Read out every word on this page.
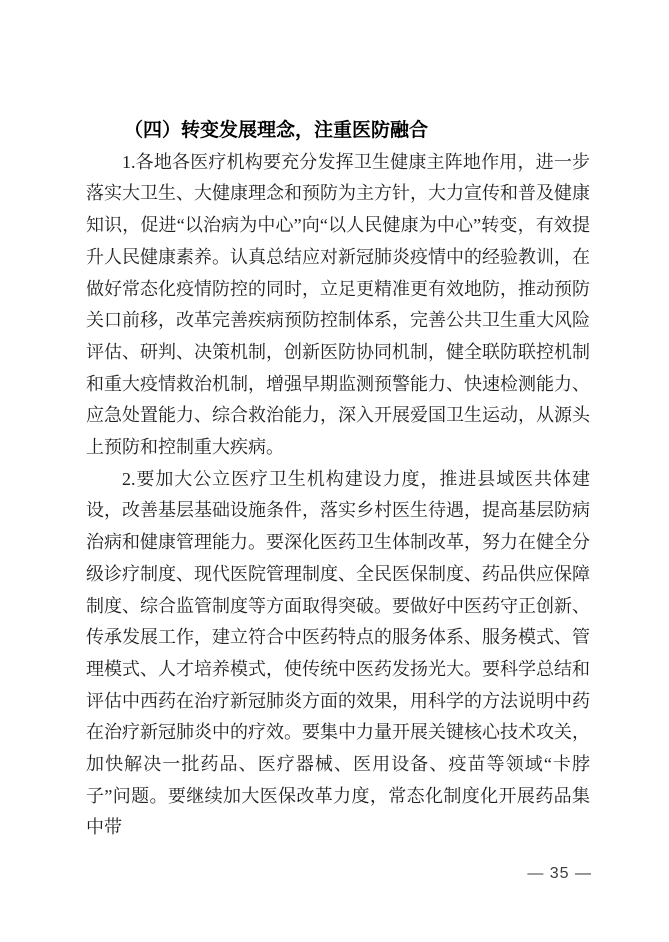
（四）转变发展理念，注重医防融合

1.各地各医疗机构要充分发挥卫生健康主阵地作用，进一步落实大卫生、大健康理念和预防为主方针，大力宣传和普及健康知识，促进“以治病为中心”向“以人民健康为中心”转变，有效提升人民健康素养。认真总结应对新冠肺炎疫情中的经验教训，在做好常态化疫情防控的同时，立足更精准更有效地防，推动预防关口前移，改革完善疾病预防控制体系，完善公共卫生重大风险评估、研判、决策机制，创新医防协同机制，健全联防联控机制和重大疫情救治机制，增强早期监测预警能力、快速检测能力、应急处置能力、综合救治能力，深入开展爱国卫生运动，从源头上预防和控制重大疾病。

2.要加大公立医疗卫生机构建设力度，推进县域医共体建设，改善基层基础设施条件，落实乡村医生待遇，提高基层防病治病和健康管理能力。要深化医药卫生体制改革，努力在健全分级诊疗制度、现代医院管理制度、全民医保制度、药品供应保障制度、综合监管制度等方面取得突破。要做好中医药守正创新、传承发展工作，建立符合中医药特点的服务体系、服务模式、管理模式、人才培养模式，使传统中医药发扬光大。要科学总结和评估中西药在治疗新冠肺炎方面的效果，用科学的方法说明中药在治疗新冠肺炎中的疗效。要集中力量开展关键核心技术攻关，加快解决一批药品、医疗器械、医用设备、疫苗等领域“卡脖子”问题。要继续加大医保改革力度，常态化制度化开展药品集中带

— 35 —
